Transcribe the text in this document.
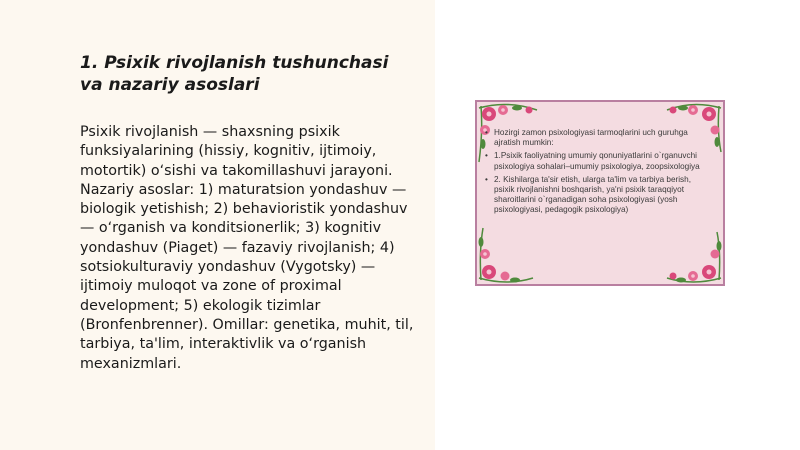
1. Psixik rivojlanish tushunchasi va nazariy asoslari

Psixik rivojlanish — shaxsning psixik funksiyalarining (hissiy, kognitiv, ijtimoiy, motortik) o‘sishi va takomillashuvi jarayoni. Nazariy asoslar: 1) maturatsion yondashuv — biologik yetishish; 2) behavioristik yondashuv — o‘rganish va konditsionerlik; 3) kognitiv yondashuv (Piaget) — fazaviy rivojlanish; 4) sotsiokulturaviy yondashuv (Vygotsky) — ijtimoiy muloqot va zone of proximal development; 5) ekologik tizimlar (Bronfenbrenner). Omillar: genetika, muhit, til, tarbiya, ta'lim, interaktivlik va o‘rganish mexanizmlari.

• Hozirgi zamon psixologiyasi tarmoqlarini uch guruhga ajratish mumkin:
• 1.Psixik faoliyatning umumiy qonuniyatlarini o`rganuvchi psixologiya sohalari–umumiy psixologiya, zoopsixologiya
• 2. Kishilarga ta'sir etish, ularga ta'lim va tarbiya berish, psixik rivojlanishni boshqarish, ya'ni psixik taraqqiyot sharoitlarini o`rganadigan soha psixologiyasi (yosh psixologiyasi, pedagogik psixologiya)
